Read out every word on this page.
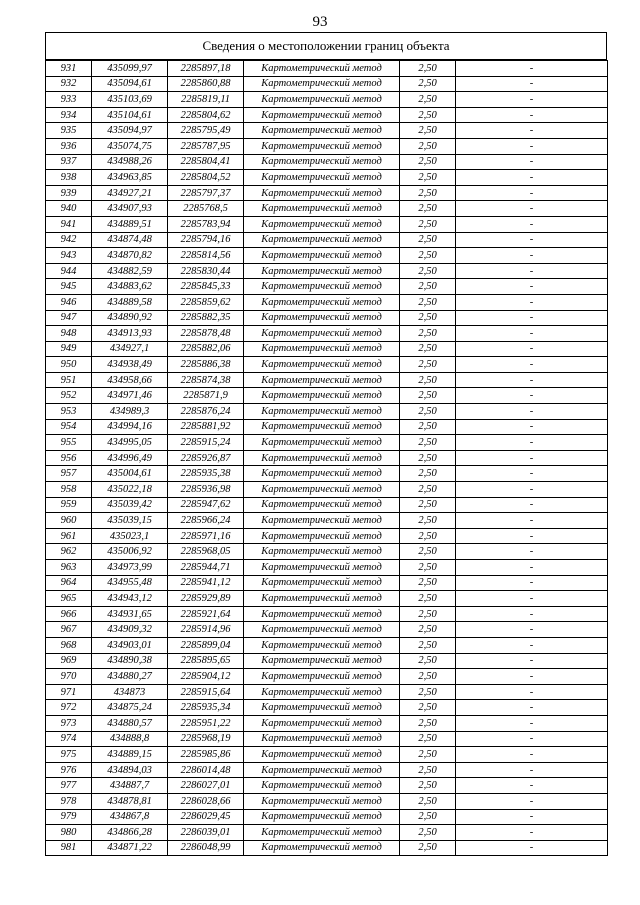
93
Сведения о местоположении границ объекта
931	435099,97	2285897,18	Картометрический метод	2,50	-
932	435094,61	2285860,88	Картометрический метод	2,50	-
933	435103,69	2285819,11	Картометрический метод	2,50	-
934	435104,61	2285804,62	Картометрический метод	2,50	-
935	435094,97	2285795,49	Картометрический метод	2,50	-
936	435074,75	2285787,95	Картометрический метод	2,50	-
937	434988,26	2285804,41	Картометрический метод	2,50	-
938	434963,85	2285804,52	Картометрический метод	2,50	-
939	434927,21	2285797,37	Картометрический метод	2,50	-
940	434907,93	2285768,5	Картометрический метод	2,50	-
941	434889,51	2285783,94	Картометрический метод	2,50	-
942	434874,48	2285794,16	Картометрический метод	2,50	-
943	434870,82	2285814,56	Картометрический метод	2,50	-
944	434882,59	2285830,44	Картометрический метод	2,50	-
945	434883,62	2285845,33	Картометрический метод	2,50	-
946	434889,58	2285859,62	Картометрический метод	2,50	-
947	434890,92	2285882,35	Картометрический метод	2,50	-
948	434913,93	2285878,48	Картометрический метод	2,50	-
949	434927,1	2285882,06	Картометрический метод	2,50	-
950	434938,49	2285886,38	Картометрический метод	2,50	-
951	434958,66	2285874,38	Картометрический метод	2,50	-
952	434971,46	2285871,9	Картометрический метод	2,50	-
953	434989,3	2285876,24	Картометрический метод	2,50	-
954	434994,16	2285881,92	Картометрический метод	2,50	-
955	434995,05	2285915,24	Картометрический метод	2,50	-
956	434996,49	2285926,87	Картометрический метод	2,50	-
957	435004,61	2285935,38	Картометрический метод	2,50	-
958	435022,18	2285936,98	Картометрический метод	2,50	-
959	435039,42	2285947,62	Картометрический метод	2,50	-
960	435039,15	2285966,24	Картометрический метод	2,50	-
961	435023,1	2285971,16	Картометрический метод	2,50	-
962	435006,92	2285968,05	Картометрический метод	2,50	-
963	434973,99	2285944,71	Картометрический метод	2,50	-
964	434955,48	2285941,12	Картометрический метод	2,50	-
965	434943,12	2285929,89	Картометрический метод	2,50	-
966	434931,65	2285921,64	Картометрический метод	2,50	-
967	434909,32	2285914,96	Картометрический метод	2,50	-
968	434903,01	2285899,04	Картометрический метод	2,50	-
969	434890,38	2285895,65	Картометрический метод	2,50	-
970	434880,27	2285904,12	Картометрический метод	2,50	-
971	434873	2285915,64	Картометрический метод	2,50	-
972	434875,24	2285935,34	Картометрический метод	2,50	-
973	434880,57	2285951,22	Картометрический метод	2,50	-
974	434888,8	2285968,19	Картометрический метод	2,50	-
975	434889,15	2285985,86	Картометрический метод	2,50	-
976	434894,03	2286014,48	Картометрический метод	2,50	-
977	434887,7	2286027,01	Картометрический метод	2,50	-
978	434878,81	2286028,66	Картометрический метод	2,50	-
979	434867,8	2286029,45	Картометрический метод	2,50	-
980	434866,28	2286039,01	Картометрический метод	2,50	-
981	434871,22	2286048,99	Картометрический метод	2,50	-
